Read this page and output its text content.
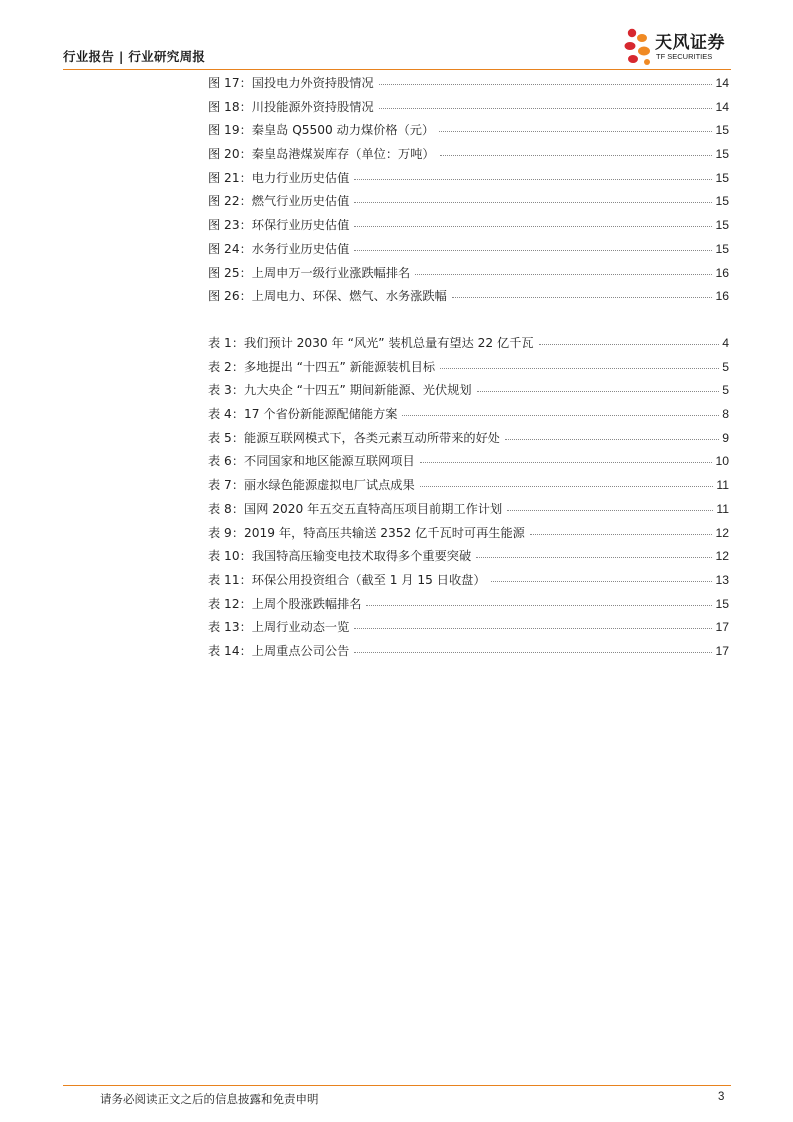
行业报告 | 行业研究周报
天风证券
TF SECURITIES
图 17：国投电力外资持股情况	14
图 18：川投能源外资持股情况	14
图 19：秦皇岛 Q5500 动力煤价格（元）	15
图 20：秦皇岛港煤炭库存（单位：万吨）	15
图 21：电力行业历史估值	15
图 22：燃气行业历史估值	15
图 23：环保行业历史估值	15
图 24：水务行业历史估值	15
图 25：上周申万一级行业涨跌幅排名	16
图 26：上周电力、环保、燃气、水务涨跌幅	16
表 1：我们预计 2030 年 “风光” 装机总量有望达 22 亿千瓦	4
表 2：多地提出 “十四五” 新能源装机目标	5
表 3：九大央企 “十四五” 期间新能源、光伏规划	5
表 4：17 个省份新能源配储能方案	8
表 5：能源互联网模式下，各类元素互动所带来的好处	9
表 6：不同国家和地区能源互联网项目	10
表 7：丽水绿色能源虚拟电厂试点成果	11
表 8：国网 2020 年五交五直特高压项目前期工作计划	11
表 9：2019 年，特高压共输送 2352 亿千瓦时可再生能源	12
表 10：我国特高压输变电技术取得多个重要突破	12
表 11：环保公用投资组合（截至 1 月 15 日收盘）	13
表 12：上周个股涨跌幅排名	15
表 13：上周行业动态一览	17
表 14：上周重点公司公告	17
请务必阅读正文之后的信息披露和免责申明	3
